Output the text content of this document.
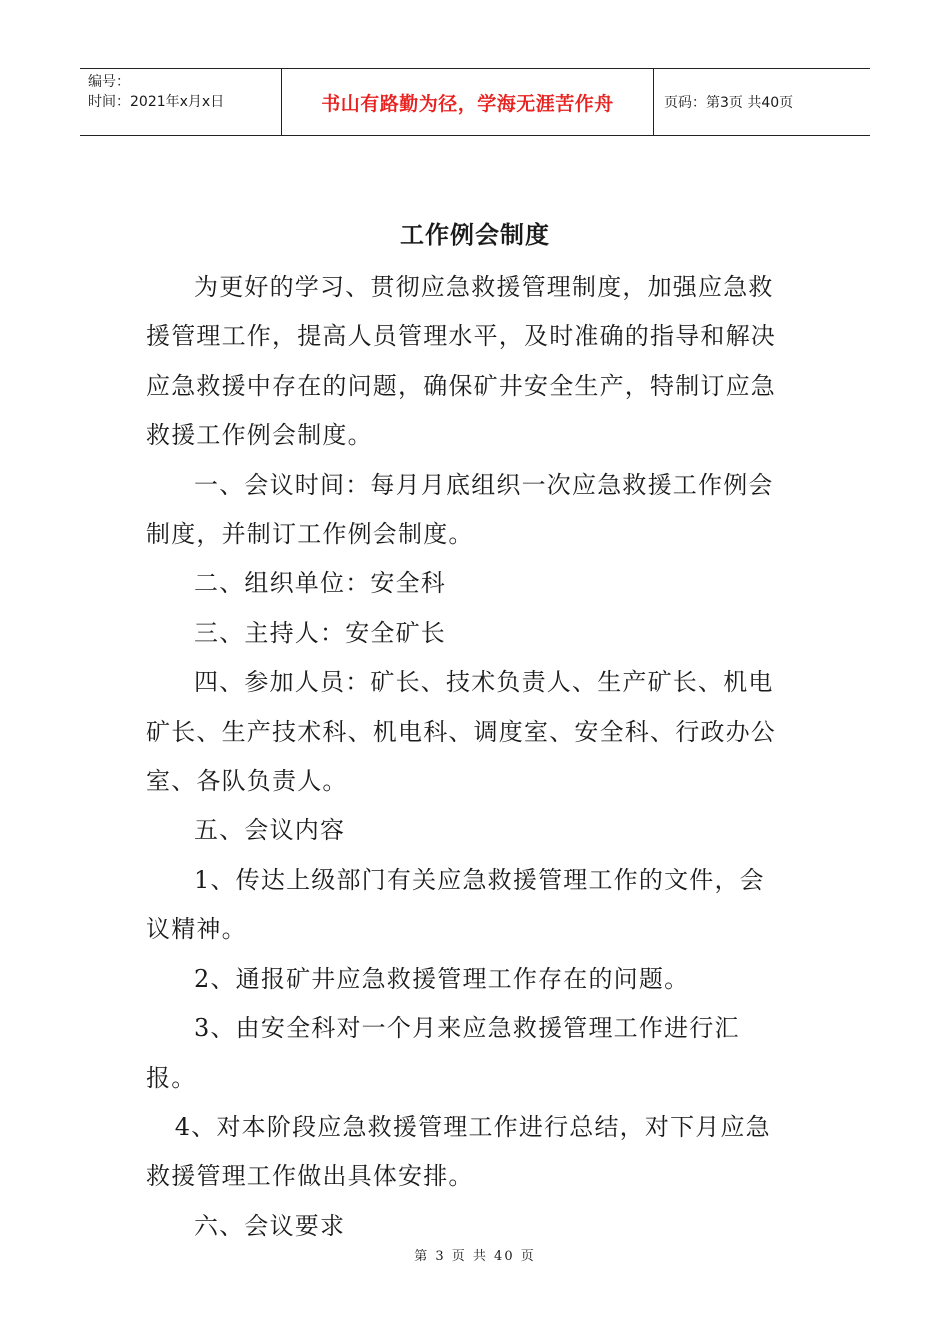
编号：
时间：2021年x月x日	书山有路勤为径，学海无涯苦作舟	页码：第3页 共40页
工作例会制度

为更好的学习、贯彻应急救援管理制度，加强应急救援管理工作，提高人员管理水平，及时准确的指导和解决应急救援中存在的问题，确保矿井安全生产，特制订应急救援工作例会制度。

一、会议时间：每月月底组织一次应急救援工作例会制度，并制订工作例会制度。

二、组织单位：安全科

三、主持人：安全矿长

四、参加人员：矿长、技术负责人、生产矿长、机电矿长、生产技术科、机电科、调度室、安全科、行政办公室、各队负责人。

五、会议内容

1、传达上级部门有关应急救援管理工作的文件，会议精神。

2、通报矿井应急救援管理工作存在的问题。

3、由安全科对一个月来应急救援管理工作进行汇报。

4、对本阶段应急救援管理工作进行总结，对下月应急救援管理工作做出具体安排。

六、会议要求

第 3 页 共 40 页
